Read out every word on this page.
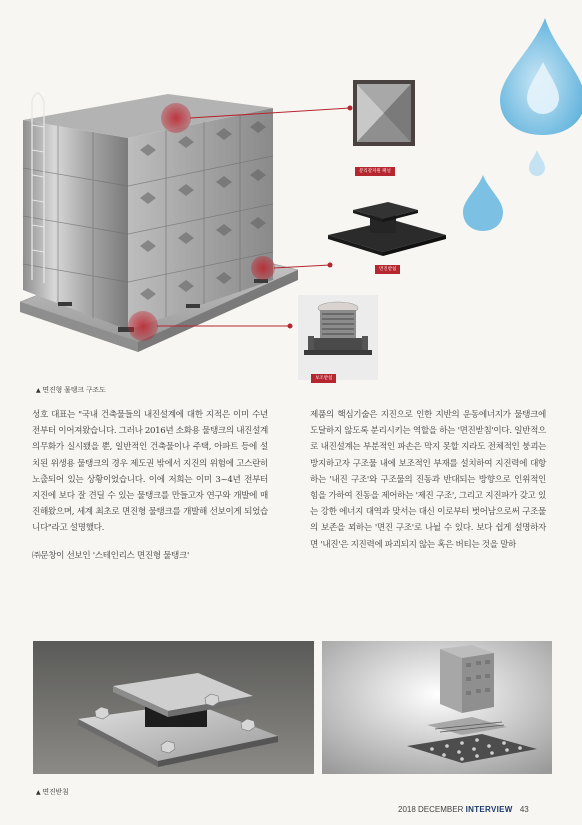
분리갈지원 패널
면진받침
보조받침
▲ 면진형 물탱크 구조도

성호 대표는 "국내 건축물들의 내진설계에 대한 지적은 이미 수년 전부터 이어져왔습니다. 그러나 2016년 소화용 물탱크의 내진설계 의무화가 실시됐을 뿐, 일반적인 건축물이나 주택, 아파트 등에 설치된 위생용 물탱크의 경우 제도권 밖에서 지진의 위험에 고스란히 노출되어 있는 상황이었습니다. 이에 저희는 이미 3~4년 전부터 지진에 보다 잘 견딜 수 있는 물탱크를 만들고자 연구와 개발에 매진해왔으며, 세계 최초로 면진형 물탱크를 개발해 선보이게 되었습니다"라고 설명했다.

㈜문창이 선보인 '스테인리스 면진형 물탱크'

제품의 핵심기술은 지진으로 인한 지반의 운동에너지가 물탱크에 도달하지 않도록 분리시키는 역할을 하는 '면진받침'이다. 일반적으로 내진설계는 부분적인 파손은 막지 못할 지라도 전체적인 붕괴는 방지하고자 구조물 내에 보조적인 부재를 설치하여 지진력에 대항하는 '내진 구조'와 구조물의 진동과 반대되는 방향으로 인위적인 힘을 가하여 진동을 제어하는 '제진 구조', 그리고 지진파가 갖고 있는 강한 에너지 대역과 맞서는 대신 이로부터 벗어남으로써 구조물의 보존을 꾀하는 '면진 구조'로 나뉠 수 있다. 보다 쉽게 설명하자면 '내진'은 지진력에 파괴되지 않는 혹은 버티는 것을 말하

▲ 면진받침
2018 DECEMBER INTERVIEW 43
